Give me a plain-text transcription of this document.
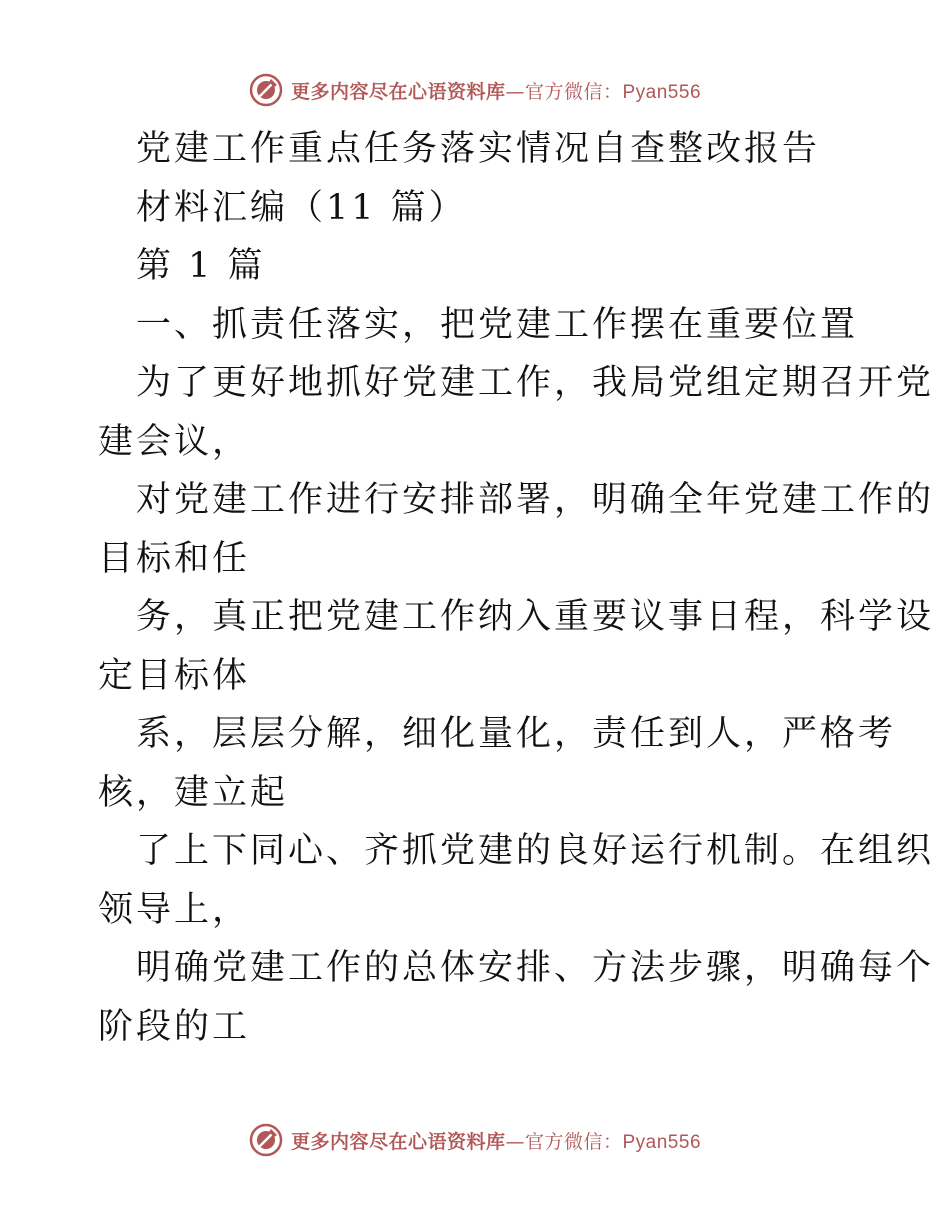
更多内容尽在心语资料库—官方微信：Pyan556
党建工作重点任务落实情况自查整改报告
材料汇编（11 篇）
第 1 篇
一、抓责任落实，把党建工作摆在重要位置
为了更好地抓好党建工作，我局党组定期召开党
建会议，
对党建工作进行安排部署，明确全年党建工作的
目标和任
务，真正把党建工作纳入重要议事日程，科学设
定目标体
系，层层分解，细化量化，责任到人，严格考
核，建立起
了上下同心、齐抓党建的良好运行机制。在组织
领导上，
明确党建工作的总体安排、方法步骤，明确每个
阶段的工
更多内容尽在心语资料库—官方微信：Pyan556
